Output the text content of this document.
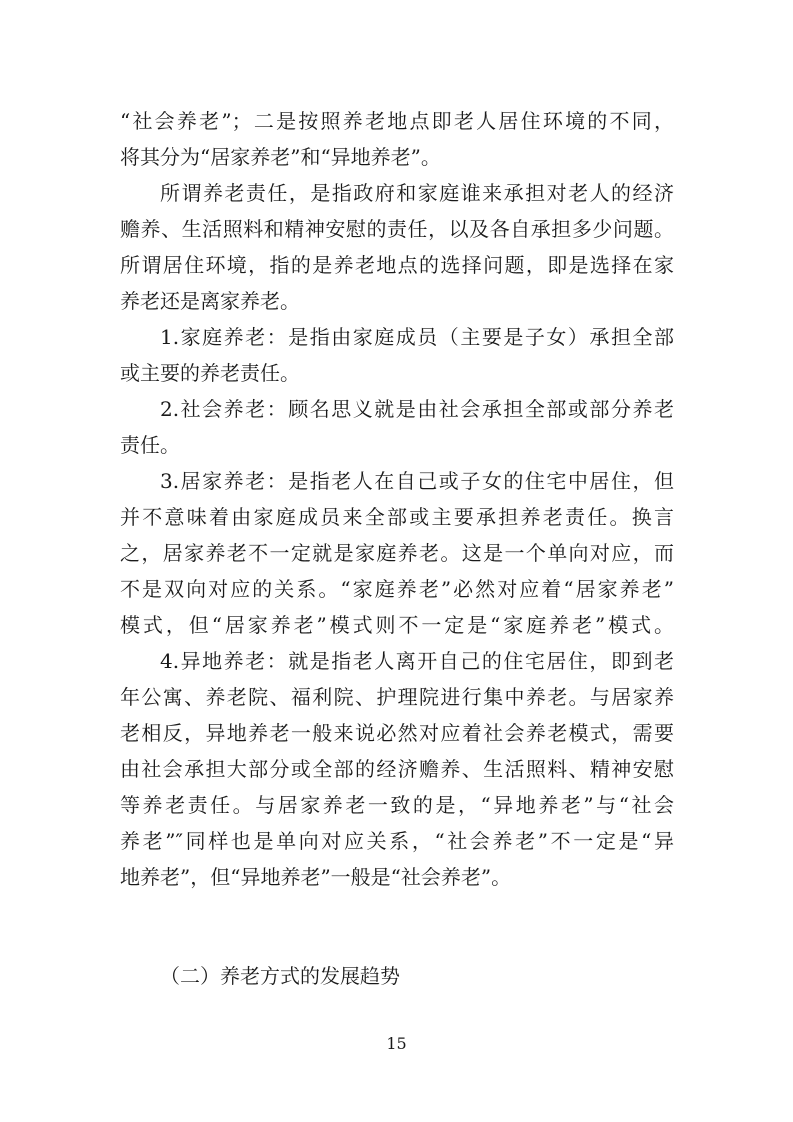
“社会养老”；二是按照养老地点即老人居住环境的不同，
将其分为“居家养老”和“异地养老”。
所谓养老责任，是指政府和家庭谁来承担对老人的经济
赡养、生活照料和精神安慰的责任，以及各自承担多少问题。
所谓居住环境，指的是养老地点的选择问题，即是选择在家
养老还是离家养老。
1.家庭养老：是指由家庭成员（主要是子女）承担全部
或主要的养老责任。
2.社会养老：顾名思义就是由社会承担全部或部分养老
责任。
3.居家养老：是指老人在自己或子女的住宅中居住，但
并不意味着由家庭成员来全部或主要承担养老责任。换言
之，居家养老不一定就是家庭养老。这是一个单向对应，而
不是双向对应的关系。“家庭养老”必然对应着“居家养老”
模式，但“居家养老”模式则不一定是“家庭养老”模式。
4.异地养老：就是指老人离开自己的住宅居住，即到老
年公寓、养老院、福利院、护理院进行集中养老。与居家养
老相反，异地养老一般来说必然对应着社会养老模式，需要
由社会承担大部分或全部的经济赡养、生活照料、精神安慰
等养老责任。与居家养老一致的是，“异地养老”与“社会
养老”″同样也是单向对应关系，“社会养老”不一定是“异
地养老”，但“异地养老”一般是“社会养老”。
（二）养老方式的发展趋势
15
